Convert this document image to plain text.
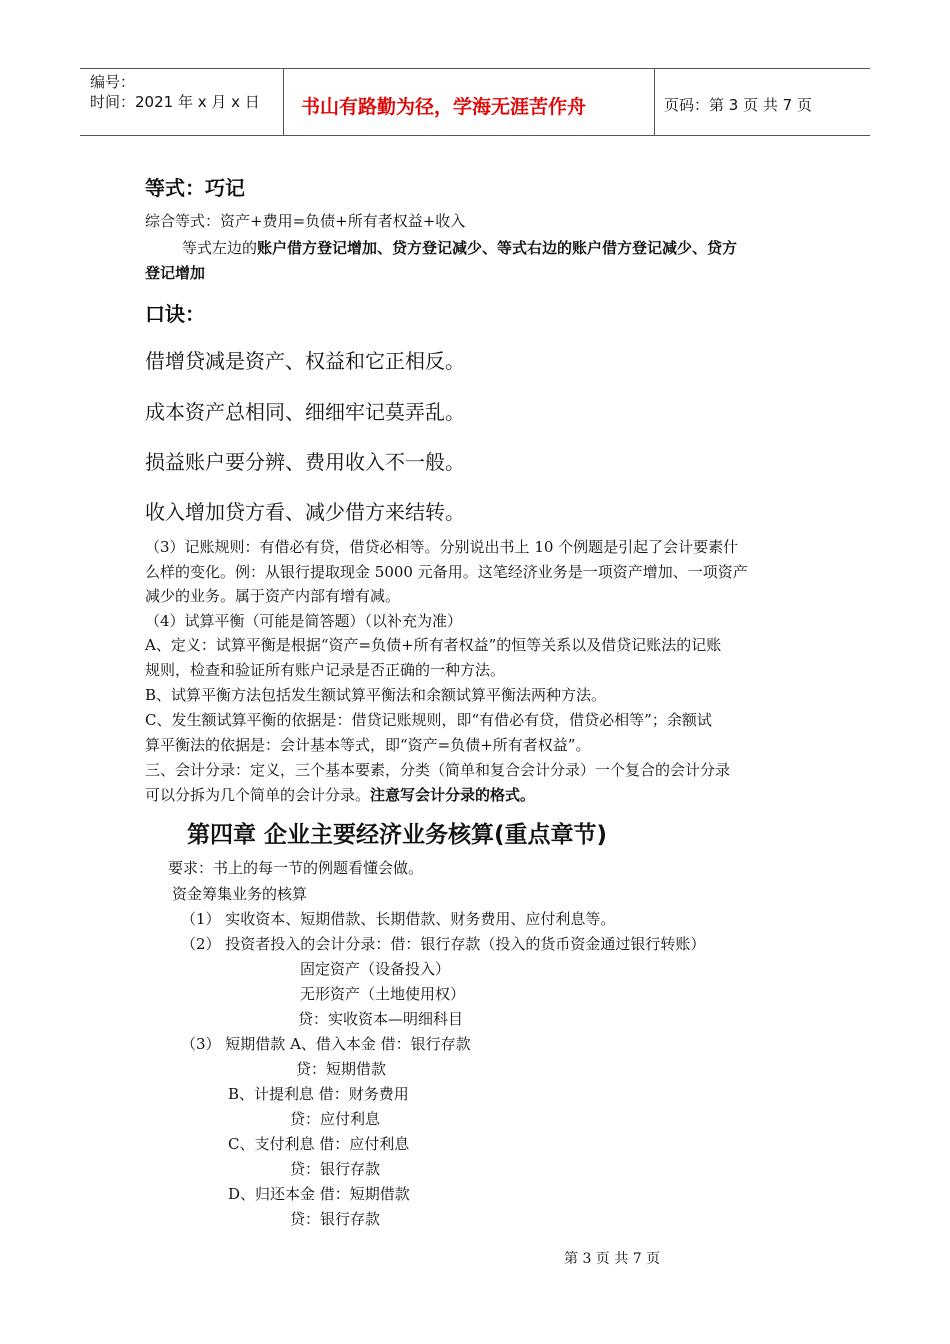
编号：
时间：2021 年 x 月 x 日 书山有路勤为径，学海无涯苦作舟	页码：第 3 页 共 7 页
等式：巧记
综合等式：资产+费用=负债+所有者权益+收入
等式左边的账户借方登记增加、贷方登记减少、等式右边的账户借方登记减少、贷方
登记增加
口诀：
借增贷减是资产、权益和它正相反。
成本资产总相同、细细牢记莫弄乱。
损益账户要分辨、费用收入不一般。
收入增加贷方看、减少借方来结转。
（3）记账规则：有借必有贷，借贷必相等。分别说出书上 10 个例题是引起了会计要素什
么样的变化。例：从银行提取现金 5000 元备用。这笔经济业务是一项资产增加、一项资产
减少的业务。属于资产内部有增有减。
（4）试算平衡（可能是简答题）（以补充为准）
A、定义：试算平衡是根据“资产=负债+所有者权益”的恒等关系以及借贷记账法的记账
规则，检查和验证所有账户记录是否正确的一种方法。
B、试算平衡方法包括发生额试算平衡法和余额试算平衡法两种方法。
C、发生额试算平衡的依据是：借贷记账规则，即“有借必有贷，借贷必相等”；余额试
算平衡法的依据是：会计基本等式，即“资产=负债+所有者权益”。
三、会计分录：定义，三个基本要素，分类（简单和复合会计分录）一个复合的会计分录
可以分拆为几个简单的会计分录。注意写会计分录的格式。
第四章 企业主要经济业务核算(重点章节)
要求：书上的每一节的例题看懂会做。
资金筹集业务的核算
（1） 实收资本、短期借款、长期借款、财务费用、应付利息等。
（2） 投资者投入的会计分录：借：银行存款（投入的货币资金通过银行转账）
固定资产（设备投入）
无形资产（土地使用权）
贷：实收资本—明细科目
（3） 短期借款 A、借入本金 借：银行存款
贷：短期借款
B、计提利息 借：财务费用
贷：应付利息
C、支付利息 借：应付利息
贷：银行存款
D、归还本金 借：短期借款
贷：银行存款
第 3 页 共 7 页
